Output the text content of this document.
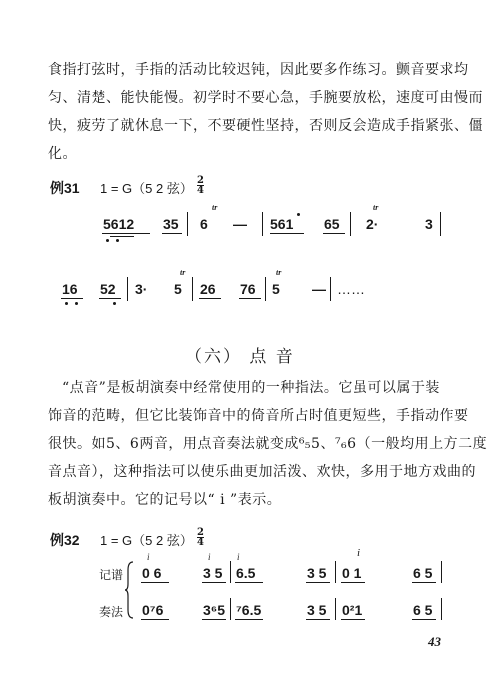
食指打弦时，手指的活动比较迟钝，因此要多作练习。颤音要求均
匀、清楚、能快能慢。初学时不要心急，手腕要放松，速度可由慢而
快，疲劳了就休息一下，不要硬性坚持，否则反会造成手指紧张、僵
化。
例31 1 = G（5 2 弦） $\frac{2}{4}$
tr	tr
5612 35 6 — 561 65 2·	3
tr	tr
16 52 3· 5 26 76 5 — ……
（六） 点 音
“点音”是板胡演奏中经常使用的一种指法。它虽可以属于装
饰音的范畴，但它比装饰音中的倚音所占时值更短些，手指动作要
很快。如5、6两音，用点音奏法就变成⁶₅5、⁷₆6（一般均用上方二度
音点音），这种指法可以使乐曲更加活泼、欢快，多用于地方戏曲的
板胡演奏中。它的记号以“ i ”表示。
例32 1 = G（5 2 弦） $\frac{2}{4}$
记谱
奏法
i	i	i	i
0 6	3 5 6.5	3 5 0 1	6 5
0⁷6	3⁶5 ⁷6.5	3 5 0²1	6 5
43
